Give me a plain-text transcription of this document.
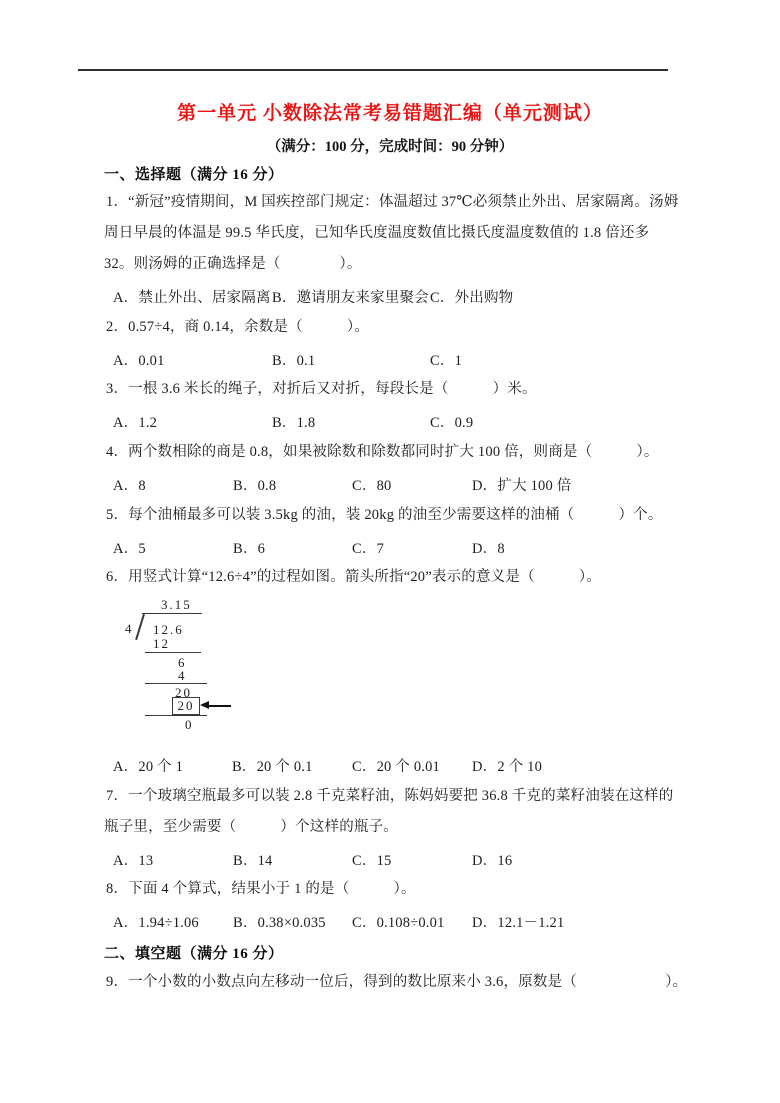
第一单元 小数除法常考易错题汇编（单元测试）
（满分：100 分，完成时间：90 分钟）
一、选择题（满分 16 分）
1．“新冠”疫情期间，M 国疾控部门规定：体温超过 37℃必须禁止外出、居家隔离。汤姆
周日早晨的体温是 99.5 华氏度，已知华氏度温度数值比摄氏度温度数值的 1.8 倍还多
32。则汤姆的正确选择是（　　　　）。
A．禁止外出、居家隔离 B．邀请朋友来家里聚会 C．外出购物
2．0.57÷4，商 0.14，余数是（　　　）。
A．0.01	B．0.1	C．1
3．一根 3.6 米长的绳子，对折后又对折，每段长是（　　　）米。
A．1.2	B．1.8	C．0.9
4．两个数相除的商是 0.8，如果被除数和除数都同时扩大 100 倍，则商是（　　　）。
A．8	B．0.8	C．80	D．扩大 100 倍
5．每个油桶最多可以装 3.5kg 的油，装 20kg 的油至少需要这样的油桶（　　　）个。
A．5	B．6	C．7	D．8
6．用竖式计算“12.6÷4”的过程如图。箭头所指“20”表示的意义是（　　　）。
3.15
4 12.6
12
6
4
20
20
0
A．20 个 1	B．20 个 0.1	C．20 个 0.01 D．2 个 10
7．一个玻璃空瓶最多可以装 2.8 千克菜籽油，陈妈妈要把 36.8 千克的菜籽油装在这样的
瓶子里，至少需要（　　　）个这样的瓶子。
A．13	B．14	C．15	D．16
8．下面 4 个算式，结果小于 1 的是（　　　）。
A．1.94÷1.06 B．0.38×0.035 C．0.108÷0.01 D．12.1－1.21
二、填空题（满分 16 分）
9．一个小数的小数点向左移动一位后，得到的数比原来小 3.6，原数是（　　　　　　）。
